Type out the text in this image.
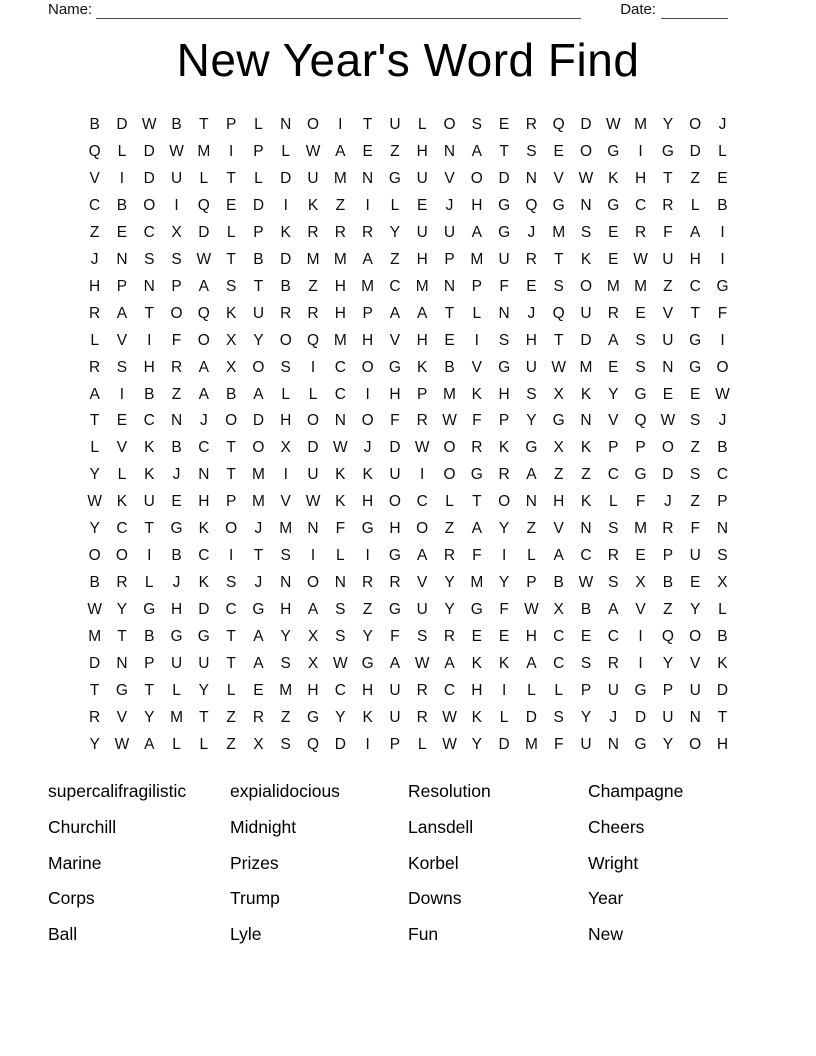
Name:	Date:
New Year's Word Find
B	D W B	T	P	L	N	O	I	T	U	L	O	S	E	R	Q	D W M	Y	O	J
Q	L	D W M	I	P	L	W A	E	Z	H	N	A	T	S	E	O G	I	G	D	L
V	I	D	U	L	T	L	D	U M N	G	U	V	O	D	N	V W K	H	T	Z	E
C	B	O	I	Q	E	D	I	K	Z	I	L	E	J	H	G Q G	N	G	C	R	L	B
Z	E	C	X	D	L	P	K	R	R	R	Y	U	U	A	G	J	M	S	E	R	F	A	I
J	N	S	S W T	B	D M M	A	Z	H	P	M U	R	T	K	E W U	H	I
H	P	N	P	A	S	T	B	Z	H M C M N	P	F	E	S	O M M	Z	C	G
R	A	T	O Q	K	U	R	R	H	P	A	A	T	L	N	J	Q	U	R	E	V	T	F
L	V	I	F	O	X	Y	O Q M H	V	H	E	I	S	H	T	D	A	S	U	G	I
R	S	H	R	A	X	O	S	I	C	O G	K	B	V	G	U W M	E	S	N	G O
A	I	B	Z	A	B	A	L	L	C	I	H	P	M	K	H	S	X	K	Y	G	E	E W
T	E	C	N	J	O	D	H	O	N	O	F	R W F	P	Y	G	N	V	Q W S	J
L	V	K	B	C	T	O	X	D W	J	D W O	R	K	G	X	K	P	P	O	Z	B
Y	L	K	J	N	T	M	I	U	K	K	U	I	O G	R	A	Z	Z	C	G	D	S	C
W K	U	E	H	P	M	V W K	H	O	C	L	T	O	N	H	K	L	F	J	Z	P
Y	C	T	G	K	O	J	M N	F	G	H	O	Z	A	Y	Z	V	N	S	M R	F	N
O O	I	B	C	I	T	S	I	L	I	G	A	R	F	I	L	A	C	R	E	P	U	S
B	R	L	J	K	S	J	N	O	N	R	R	V	Y	M	Y	P	B W S	X	B	E	X
W Y	G	H	D	C	G	H	A	S	Z	G	U	Y	G	F W X	B	A	V	Z	Y	L
M	T	B	G G	T	A	Y	X	S	Y	F	S	R	E	E	H	C	E	C	I	Q O	B
D	N	P	U	U	T	A	S	X W G	A W A	K	K	A	C	S	R	I	Y	V	K
T	G	T	L	Y	L	E	M H	C	H	U	R	C	H	I	L	L	P	U	G	P	U	D
R	V	Y	M	T	Z	R	Z	G	Y	K	U	R W K	L	D	S	Y	J	D	U	N	T
Y W A	L	L	Z	X	S	Q	D	I	P	L	W Y	D M	F	U	N	G	Y	O	H
supercalifragilistic	expialidocious	Resolution	Champagne
Churchill	Midnight	Lansdell	Cheers
Marine	Prizes	Korbel	Wright
Corps	Trump	Downs	Year
Ball	Lyle	Fun	New
